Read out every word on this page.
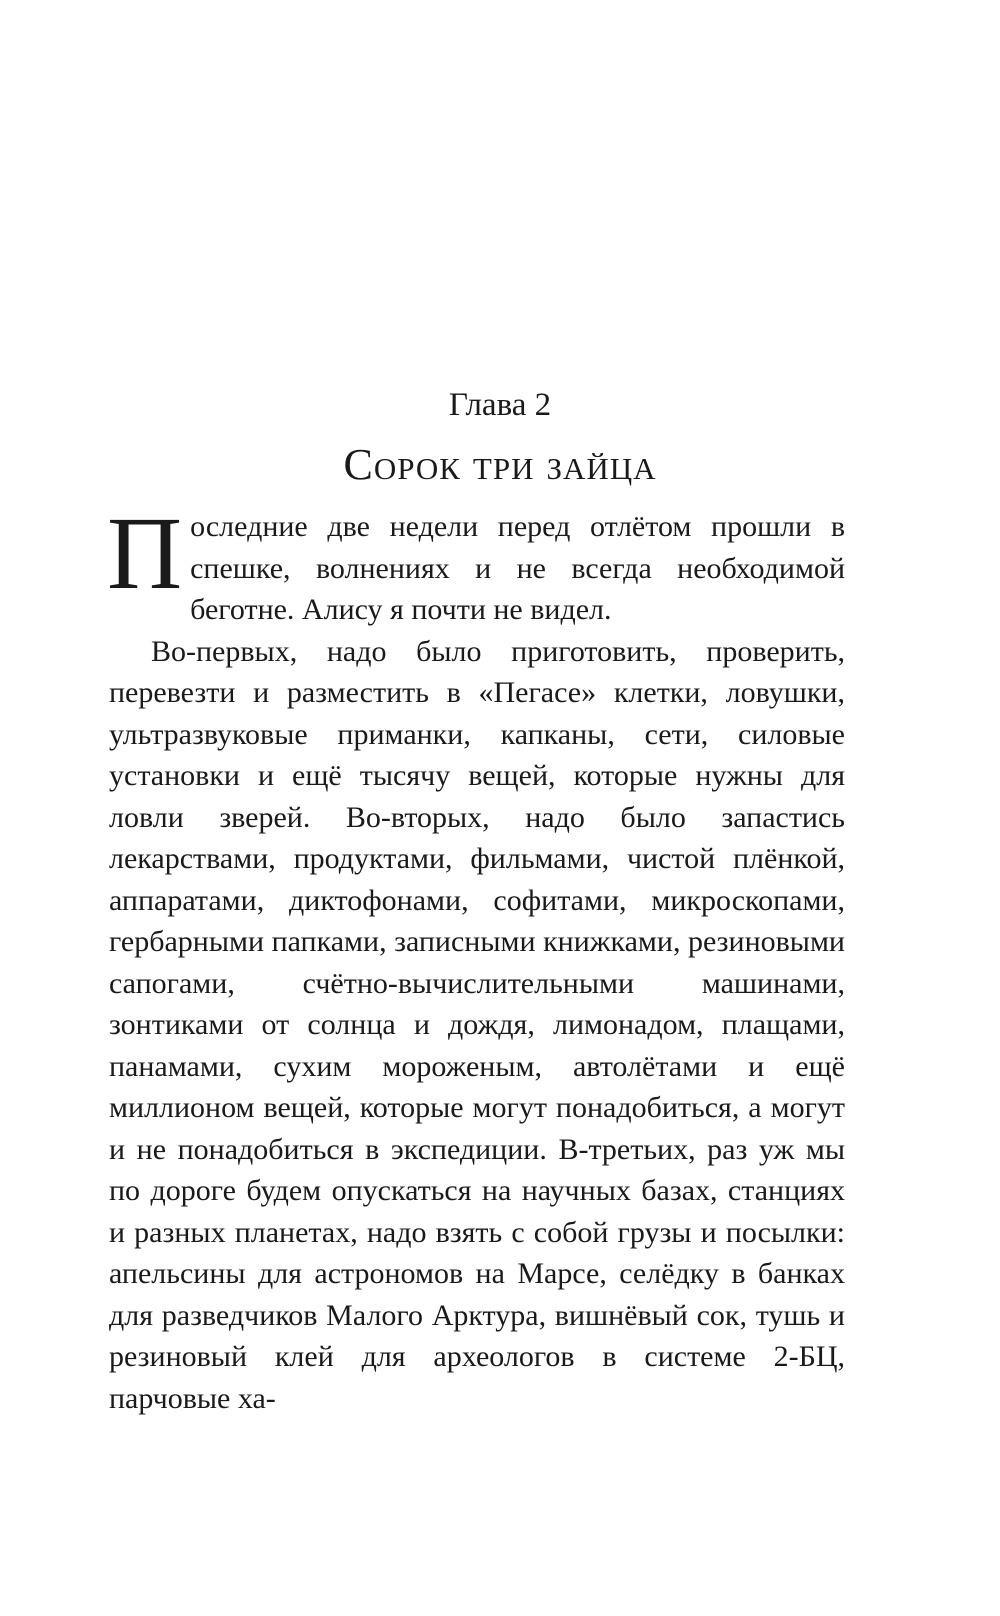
Глава 2
Сорок три зайца

Последние две недели перед отлётом прошли в спешке, волнениях и не всегда необходимой беготне. Алису я почти не видел.

Во-первых, надо было приготовить, проверить, перевезти и разместить в «Пегасе» клетки, ловушки, ультразвуковые приманки, капканы, сети, силовые установки и ещё тысячу вещей, которые нужны для ловли зверей. Во-вторых, надо было запастись лекарствами, продуктами, фильмами, чистой плёнкой, аппаратами, диктофонами, софитами, микроскопами, гербарными папками, записными книжками, резиновыми сапогами, счётно-вычислительными машинами, зонтиками от солнца и дождя, лимонадом, плащами, панамами, сухим мороженым, автолётами и ещё миллионом вещей, которые могут понадобиться, а могут и не понадобиться в экспедиции. В-третьих, раз уж мы по дороге будем опускаться на научных базах, станциях и разных планетах, надо взять с собой грузы и посылки: апельсины для астрономов на Марсе, селёдку в банках для разведчиков Малого Арктура, вишнёвый сок, тушь и резиновый клей для археологов в системе 2-БЦ, парчовые ха-
